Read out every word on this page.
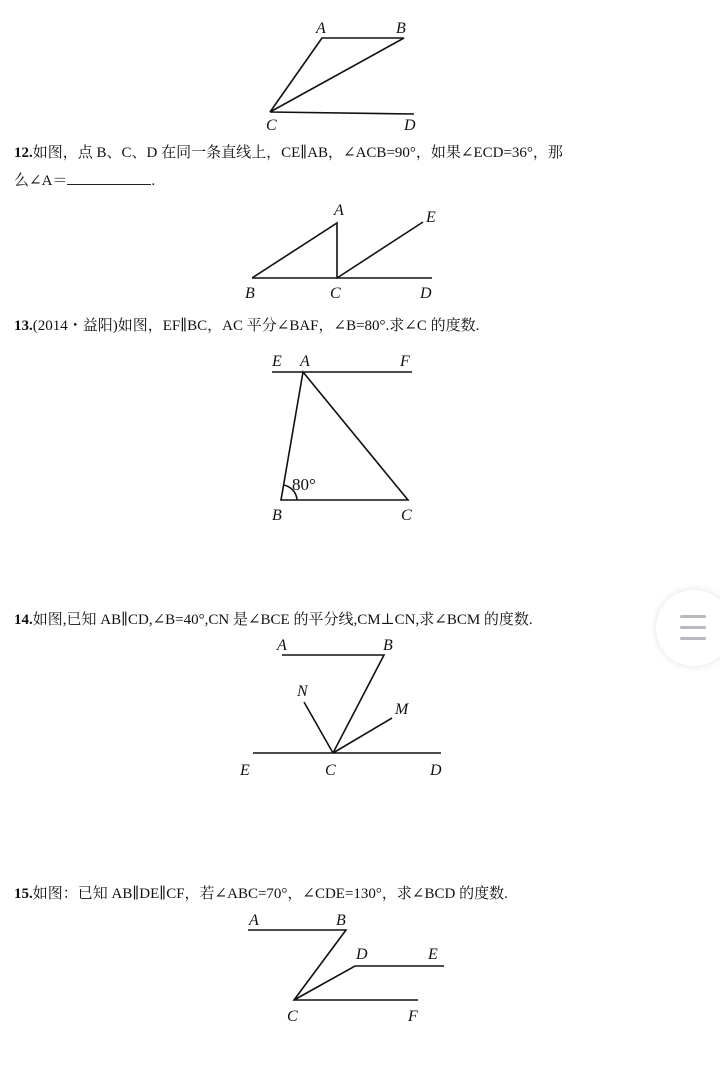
A	B
C	D
A	E
B	C	D
80°
E A	F
B	C
A	B
N
M
E	C	D
A	B
D	E
C	F
12.如图，点 B、C、D 在同一条直线上，CE∥AB，∠ACB=90°，如果∠ECD=36°，那
么∠A＝	.
13.(2014・益阳)如图，EF∥BC，AC 平分∠BAF，∠B=80°.求∠C 的度数.
14.如图,已知 AB∥CD,∠B=40°,CN 是∠BCE 的平分线,CM⊥CN,求∠BCM 的度数.
15.如图：已知 AB∥DE∥CF，若∠ABC=70°，∠CDE=130°，求∠BCD 的度数.
